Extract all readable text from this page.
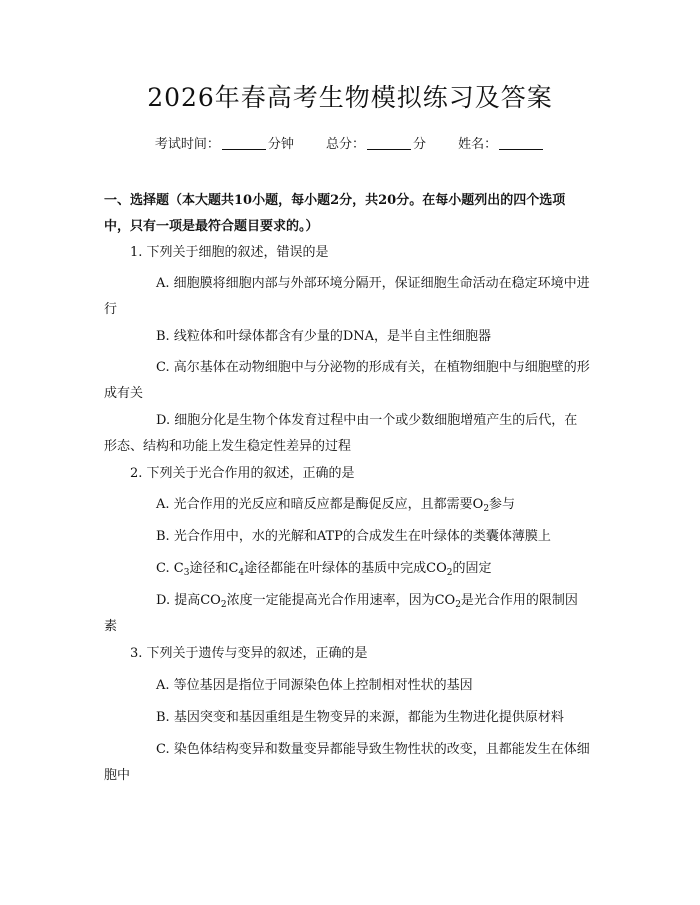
2026年春高考生物模拟练习及答案
考试时间：	分钟 总分：	分 姓名：

一、选择题（本大题共10小题，每小题2分，共20分。在每小题列出的四个选项中，只有一项是最符合题目要求的。）

1. 下列关于细胞的叙述，错误的是

A. 细胞膜将细胞内部与外部环境分隔开，保证细胞生命活动在稳定环境中进行

B. 线粒体和叶绿体都含有少量的DNA，是半自主性细胞器

C. 高尔基体在动物细胞中与分泌物的形成有关，在植物细胞中与细胞壁的形成有关

D. 细胞分化是生物个体发育过程中由一个或少数细胞增殖产生的后代，在形态、结构和功能上发生稳定性差异的过程

2. 下列关于光合作用的叙述，正确的是

A. 光合作用的光反应和暗反应都是酶促反应，且都需要$O_2$参与

B. 光合作用中，水的光解和ATP的合成发生在叶绿体的类囊体薄膜上

C. $C_3$途径和$C_4$途径都能在叶绿体的基质中完成$CO_2$的固定

D. 提高$CO_2$浓度一定能提高光合作用速率，因为$CO_2$是光合作用的限制因素

3. 下列关于遗传与变异的叙述，正确的是

A. 等位基因是指位于同源染色体上控制相对性状的基因

B. 基因突变和基因重组是生物变异的来源，都能为生物进化提供原材料

C. 染色体结构变异和数量变异都能导致生物性状的改变，且都能发生在体细胞中
